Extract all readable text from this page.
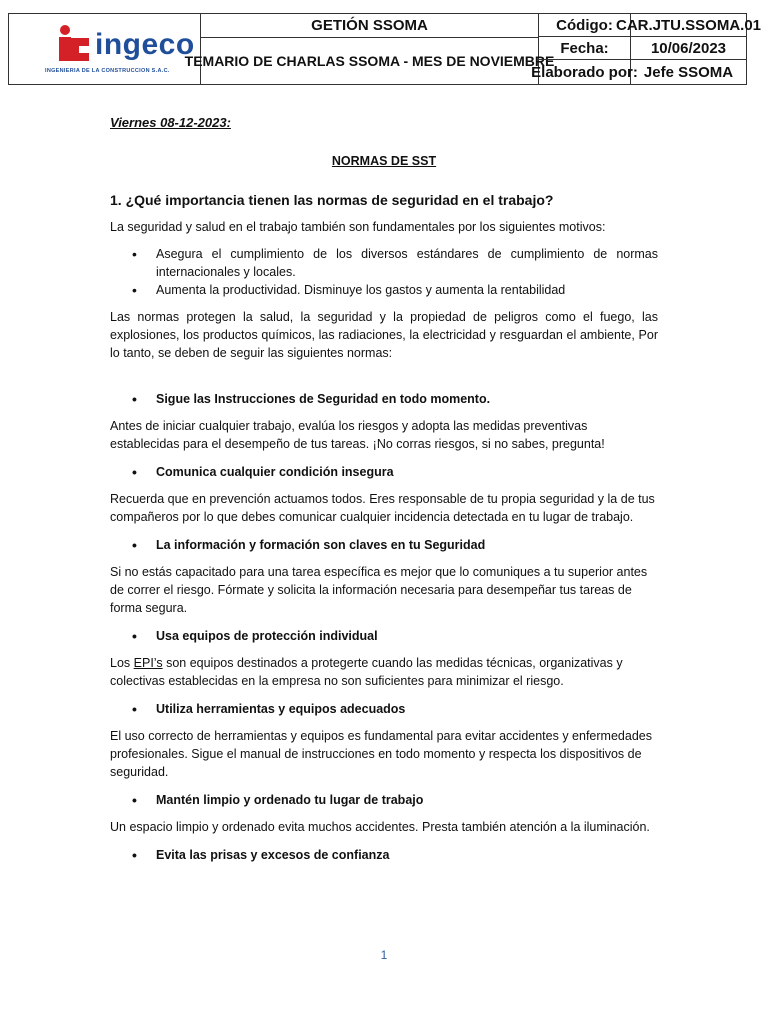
ingeco
INGENIERIA DE LA CONSTRUCCION S.A.C.
GETIÓN SSOMA
TEMARIO DE CHARLAS SSOMA - MES DE NOVIEMBRE
Código: CAR.JTU.SSOMA.01
Fecha:	10/06/2023
Elaborado por: Jefe SSOMA

Viernes 08-12-2023:

NORMAS DE SST

1. ¿Qué importancia tienen las normas de seguridad en el trabajo?

La seguridad y salud en el trabajo también son fundamentales por los siguientes motivos:

• Asegura el cumplimiento de los diversos estándares de cumplimiento de normas internacionales y locales.
• Aumenta la productividad. Disminuye los gastos y aumenta la rentabilidad

Las normas protegen la salud, la seguridad y la propiedad de peligros como el fuego, las explosiones, los productos químicos, las radiaciones, la electricidad y resguardan el ambiente, Por lo tanto, se deben de seguir las siguientes normas:

• Sigue las Instrucciones de Seguridad en todo momento.

Antes de iniciar cualquier trabajo, evalúa los riesgos y adopta las medidas preventivas establecidas para el desempeño de tus tareas. ¡No corras riesgos, si no sabes, pregunta!

• Comunica cualquier condición insegura

Recuerda que en prevención actuamos todos. Eres responsable de tu propia seguridad y la de tus compañeros por lo que debes comunicar cualquier incidencia detectada en tu lugar de trabajo.

• La información y formación son claves en tu Seguridad

Si no estás capacitado para una tarea específica es mejor que lo comuniques a tu superior antes de correr el riesgo. Fórmate y solicita la información necesaria para desempeñar tus tareas de forma segura.

• Usa equipos de protección individual

Los EPI’s son equipos destinados a protegerte cuando las medidas técnicas, organizativas y colectivas establecidas en la empresa no son suficientes para minimizar el riesgo.

• Utiliza herramientas y equipos adecuados

El uso correcto de herramientas y equipos es fundamental para evitar accidentes y enfermedades profesionales. Sigue el manual de instrucciones en todo momento y respecta los dispositivos de seguridad.

• Mantén limpio y ordenado tu lugar de trabajo

Un espacio limpio y ordenado evita muchos accidentes. Presta también atención a la iluminación.

• Evita las prisas y excesos de confianza
1
